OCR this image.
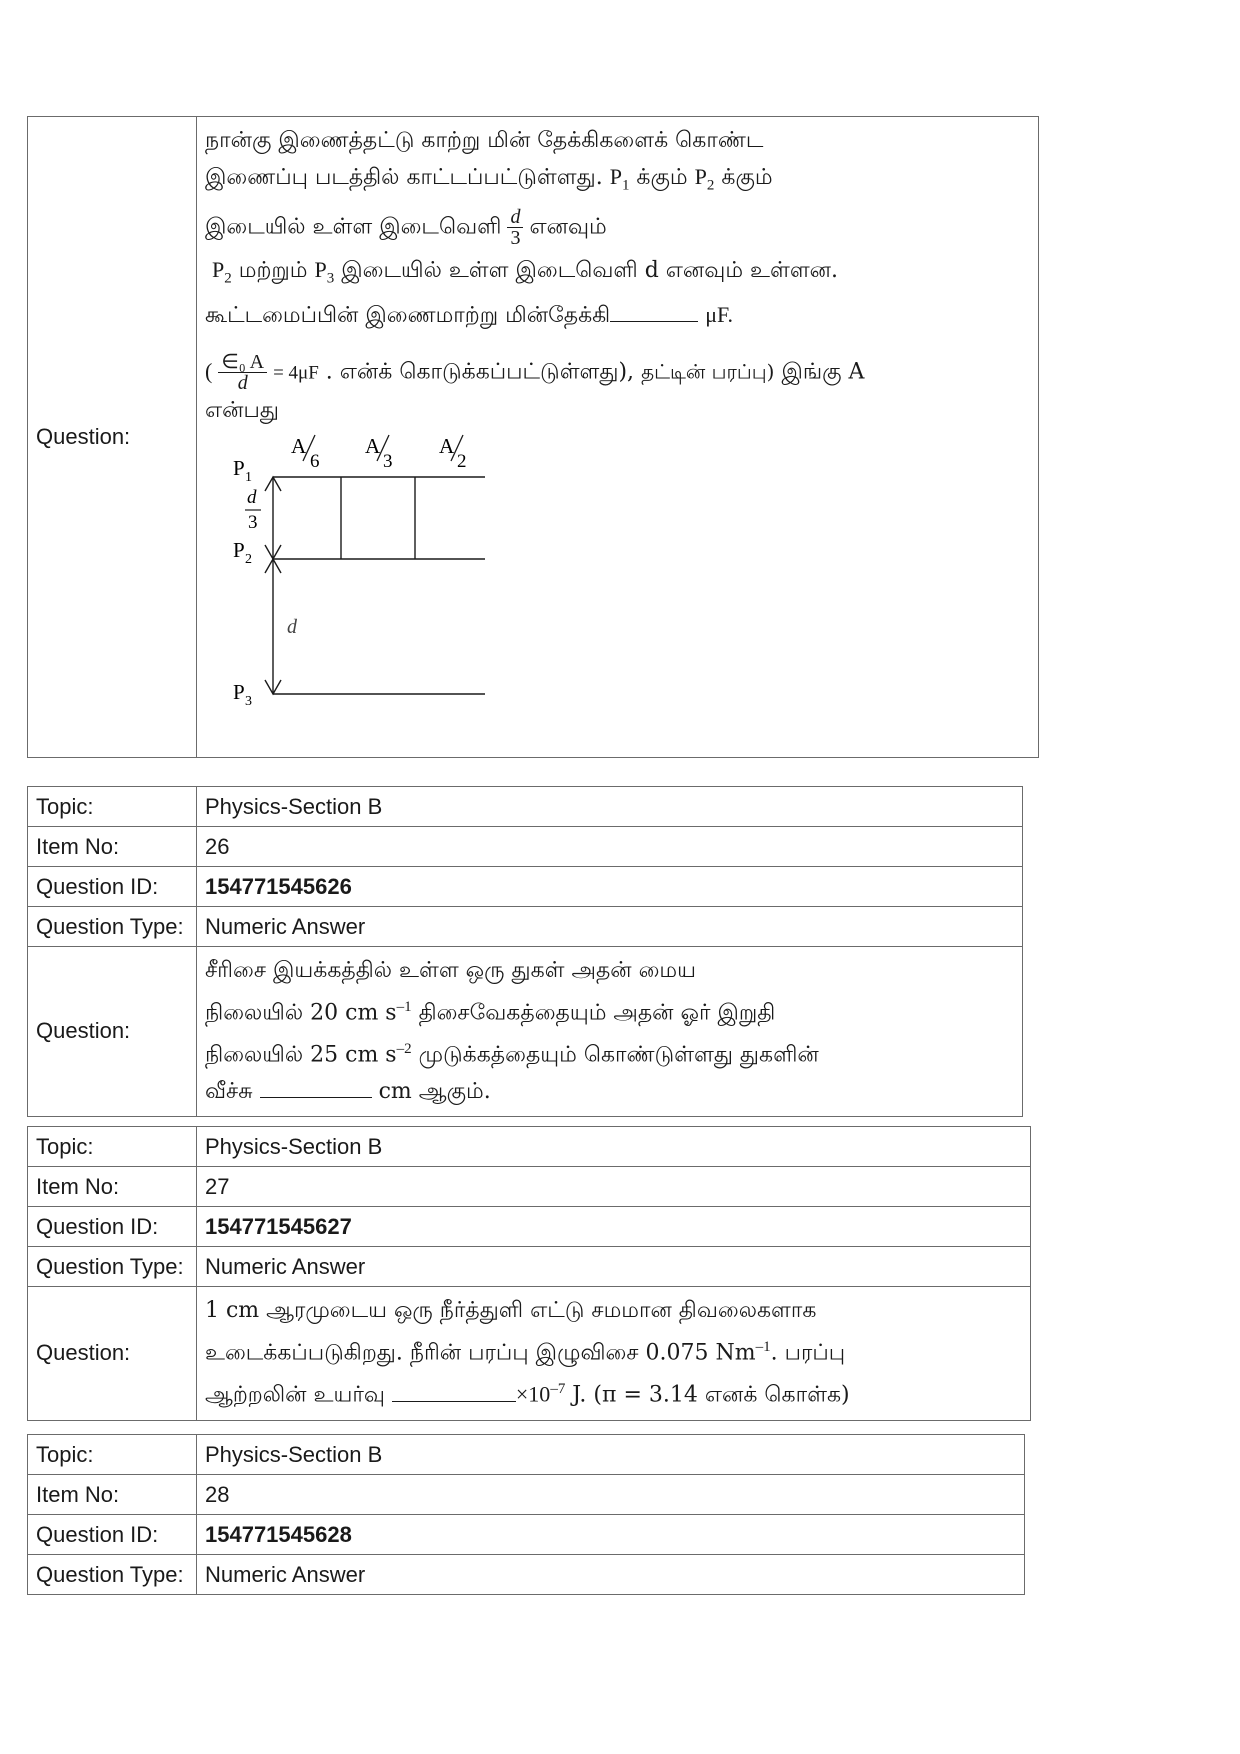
Question:	
நான்கு இணைத்தட்டு காற்று மின் தேக்கிகளைக் கொண்ட
இணைப்பு படத்தில் காட்டப்பட்டுள்ளது. $P_1$ க்கும் $P_2$ க்கும்
இடையில் உள்ள இடைவெளி $\frac{d}{3}$ எனவும்
$P_2$ மற்றும் $P_3$ இடையில் உள்ள இடைவெளி d எனவும் உள்ளன.
கூட்டமைப்பின் இணைமாற்று மின்தேக்கி	μF.
( $\frac{\text{∈₀ A}}{d} = 4\mu F$ . என்க் கொடுக்கப்பட்டுள்ளது), தட்டின் பரப்பு) இங்கு A
என்பது
A
6
A
3
A
2
P 1
P 2
P 3
d
3
d
Topic:	Physics-Section B
Item No:	26
Question ID:	154771545626
Question Type:	Numeric Answer
Question:	சீரிசை இயக்கத்தில் உள்ள ஒரு துகள் அதன் மைய
நிலையில் 20 cm $s^{-1}$ திசைவேகத்தையும் அதன் ஓர் இறுதி
நிலையில் 25 cm $s^{-2}$ முடுக்கத்தையும் கொண்டுள்ளது துகளின்
வீச்சு cm ஆகும்.
Topic:	Physics-Section B
Item No:	27
Question ID:	154771545627
Question Type:	Numeric Answer
Question:	1 cm ஆரமுடைய ஒரு நீர்த்துளி எட்டு சமமான திவலைகளாக
உடைக்கப்படுகிறது. நீரின் பரப்பு இழுவிசை 0.075 $Nm^{-1}$. பரப்பு
ஆற்றலின் உயர்வு $\times 10^{-7}$ J. (π = 3.14 எனக் கொள்க)
Topic:	Physics-Section B
Item No:	28
Question ID:	154771545628
Question Type:	Numeric Answer
